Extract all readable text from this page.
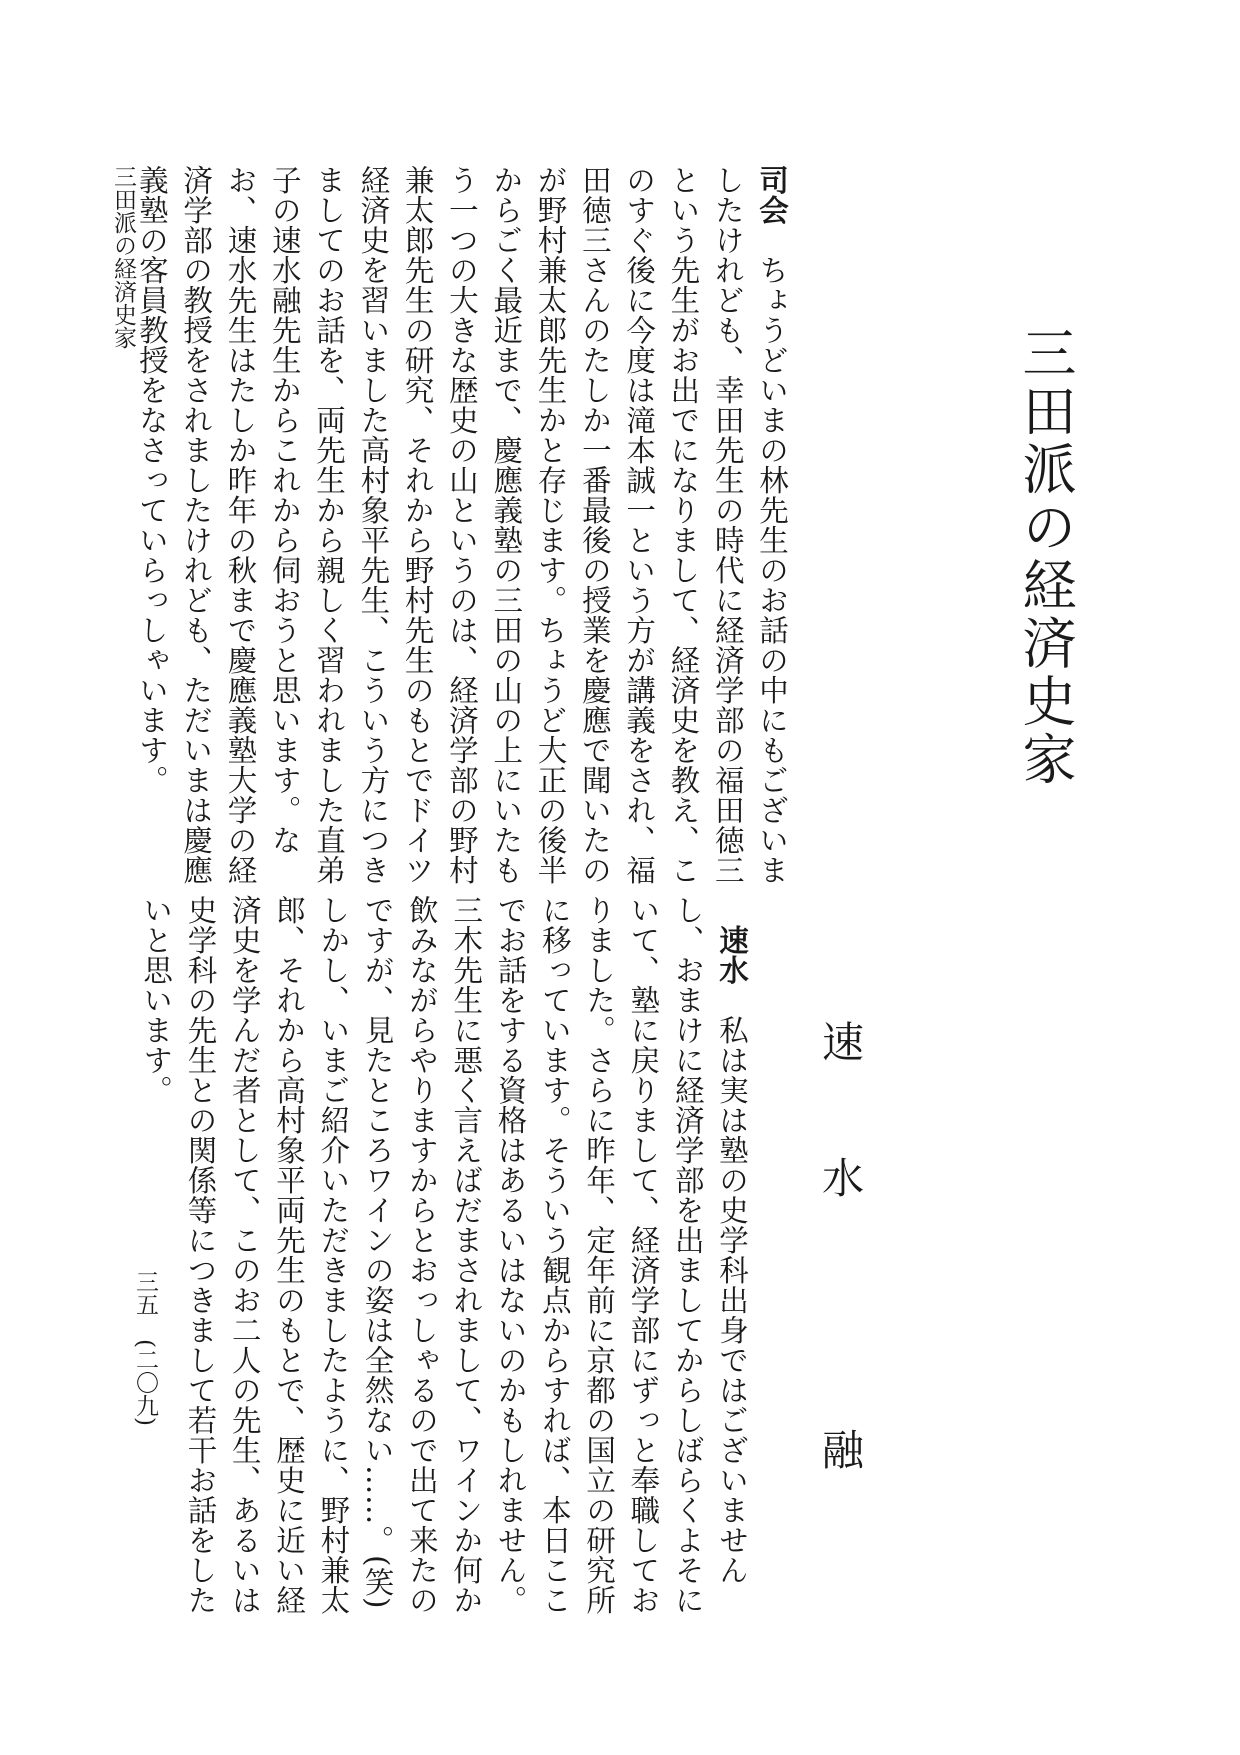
三田派の経済史家
速水　融

司会　ちょうどいまの林先生のお話の中にもございましたけれども、幸田先生の時代に経済学部の福田徳三という先生がお出でになりまして、経済史を教え、このすぐ後に今度は滝本誠一という方が講義をされ、福田徳三さんのたしか一番最後の授業を慶應で聞いたのが野村兼太郎先生かと存じます。ちょうど大正の後半からごく最近まで、慶應義塾の三田の山の上にいたもう一つの大きな歴史の山というのは、経済学部の野村兼太郎先生の研究、それから野村先生のもとでドイツ経済史を習いました高村象平先生、こういう方につきましてのお話を、両先生から親しく習われました直弟子の速水融先生からこれから伺おうと思います。なお、速水先生はたしか昨年の秋まで慶應義塾大学の経済学部の教授をされましたけれども、ただいまは慶應義塾の客員教授をなさっていらっしゃいます。

　速水　私は実は塾の史学科出身ではございませんし、おまけに経済学部を出ましてからしばらくよそにいて、塾に戻りまして、経済学部にずっと奉職しておりました。さらに昨年、定年前に京都の国立の研究所に移っています。そういう観点からすれば、本日ここでお話をする資格はあるいはないのかもしれません。三木先生に悪く言えばだまされまして、ワインか何か飲みながらやりますからとおっしゃるので出て来たのですが、見たところワインの姿は全然ない……。(笑)しかし、いまご紹介いただきましたように、野村兼太郎、それから高村象平両先生のもとで、歴史に近い経済史を学んだ者として、このお二人の先生、あるいは史学科の先生との関係等につきまして若干お話をしたいと思います。

三田派の経済史家
三五　(二〇九)
